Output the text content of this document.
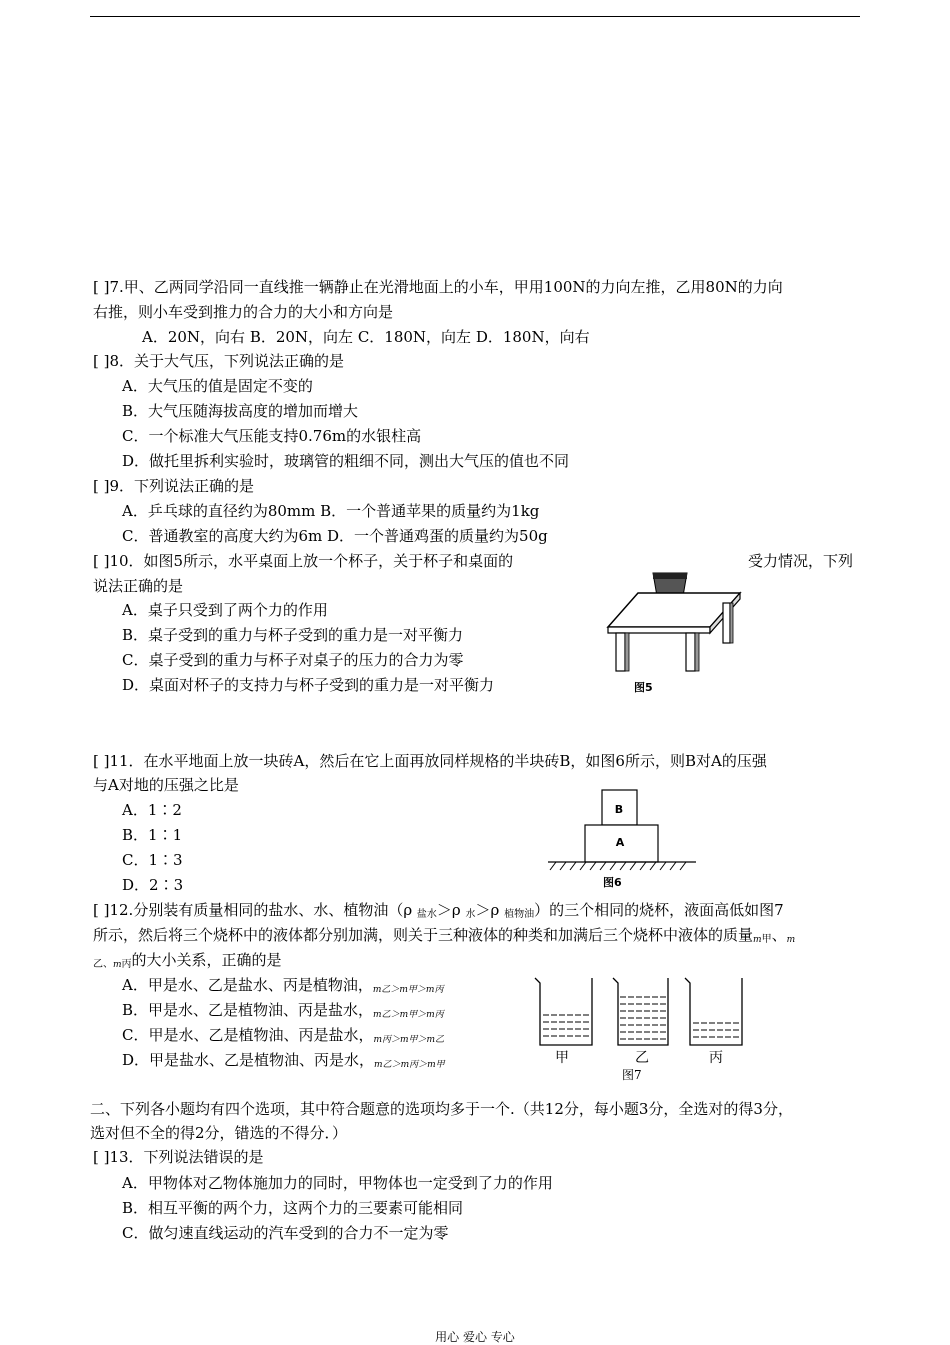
[ ]7.甲、乙两同学沿同一直线推一辆静止在光滑地面上的小车，甲用100N的力向左推，乙用80N的力向
右推，则小车受到推力的合力的大小和方向是
A．20N，向右 B．20N，向左 C．180N，向左 D．180N，向右
[ ]8．关于大气压，下列说法正确的是
A．大气压的值是固定不变的
B．大气压随海拔高度的增加而增大
C．一个标准大气压能支持0.76m的水银柱高
D．做托里拆利实验时，玻璃管的粗细不同，测出大气压的值也不同
[ ]9．下列说法正确的是
A．乒乓球的直径约为80mm B．一个普通苹果的质量约为1kg
C．普通教室的高度大约为6m D．一个普通鸡蛋的质量约为50g
[ ]10．如图5所示，水平桌面上放一个杯子，关于杯子和桌面的	受力情况，下列
说法正确的是
A．桌子只受到了两个力的作用
B．桌子受到的重力与杯子受到的重力是一对平衡力
C．桌子受到的重力与杯子对桌子的压力的合力为零
D．桌面对杯子的支持力与杯子受到的重力是一对平衡力	图5
[ ]11．在水平地面上放一块砖A，然后在它上面再放同样规格的半块砖B，如图6所示，则B对A的压强
与A对地的压强之比是
A．1∶2
B．1∶1
C．1∶3
D．2∶3
B
A
图6
[ ]12.分别装有质量相同的盐水、水、植物油（ρ 盐水＞ρ 水＞ρ 植物油）的三个相同的烧杯，液面高低如图7
所示，然后将三个烧杯中的液体都分别加满，则关于三种液体的种类和加满后三个烧杯中液体的质量$_m$甲、$_m$
乙、$_m$丙的大小关系，正确的是
A．甲是水、乙是盐水、丙是植物油，$_{m乙>m甲>m丙}$
B．甲是水、乙是植物油、丙是盐水，$_{m乙>m甲>m丙}$
C．甲是水、乙是植物油、丙是盐水，$_{m丙>m甲>m乙}$
D．甲是盐水、乙是植物油、丙是水，$_{m乙>m丙>m甲}$	甲	乙	丙
图7
二、下列各小题均有四个选项，其中符合题意的选项均多于一个.（共12分，每小题3分，全选对的得3分，
选对但不全的得2分，错选的不得分．）
[ ]13．下列说法错误的是
A．甲物体对乙物体施加力的同时，甲物体也一定受到了力的作用
B．相互平衡的两个力，这两个力的三要素可能相同
C．做匀速直线运动的汽车受到的合力不一定为零
用心 爱心 专心
